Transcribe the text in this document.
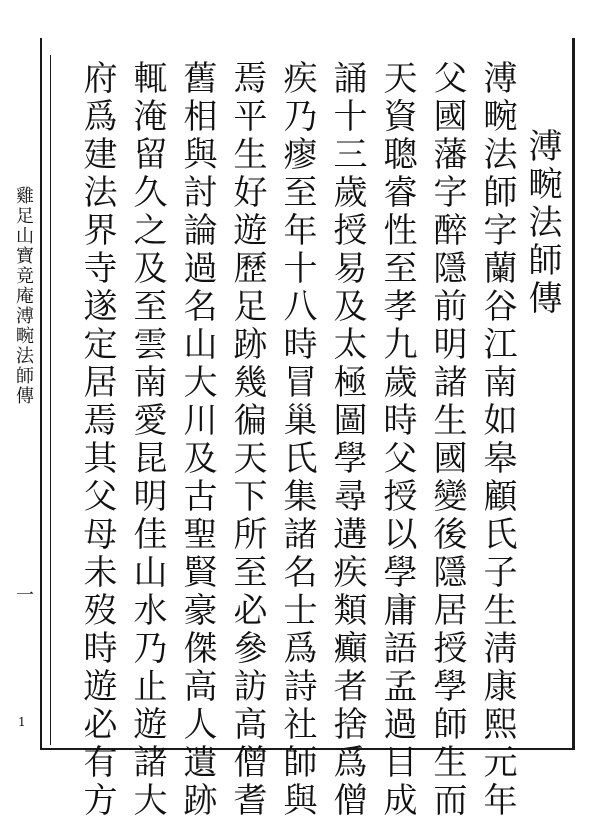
雞足山寶竟庵溥畹法師傳
一
1
溥畹法師傳
溥畹法師字蘭谷江南如皋顧氏子生淸康熙元年
父國藩字醉隱前明諸生國變後隱居授學師生而
天資聰睿性至孝九歲時父授以學庸語孟過目成
誦十三歲授易及太極圖學尋遘疾類癲者捨爲僧
疾乃瘳至年十八時冒巢氏集諸名士爲詩社師與
焉平生好遊歷足跡幾徧天下所至必參訪高僧耆
舊相與討論過名山大川及古聖賢豪傑高人遺跡
輒淹留久之及至雲南愛昆明佳山水乃止遊諸大
府爲建法界寺遂定居焉其父母未歿時遊必有方
